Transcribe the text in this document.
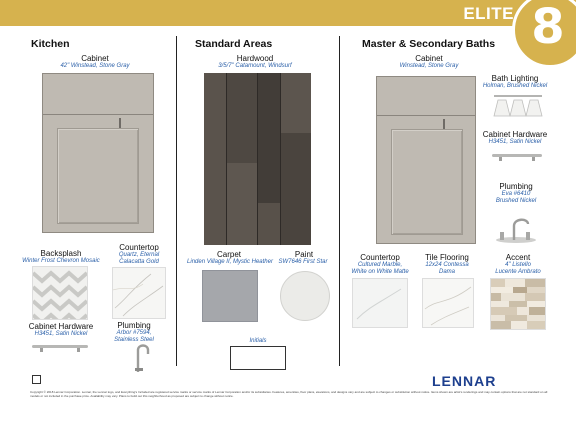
ELITE 8
Kitchen
Cabinet
42" Winstead, Stone Gray
Backsplash
Winter Frost Chevron Mosaic
Countertop
Quartz, Eternal
Calacatta Gold
Cabinet Hardware
H3451, Satin Nickel
Plumbing
Arbor #7594,
Stainless Steel
Standard Areas
Hardwood
3/5/7" Catamount, Windsurf
Carpet
Linden Village II, Mystic Heather
Paint
SW7646 First Star
Initials
Master & Secondary Baths
Cabinet
Winstead, Stone Gray
Bath Lighting
Holman, Brushed Nickel
Cabinet Hardware
H3451, Satin Nickel
Plumbing
Eva #6410
Brushed Nickel
Countertop
Cultured Marble,
White on White Matte
Tile Flooring
12x24 Contessa
Dama
Accent
4" Listello
Lucente Ambrato
LENNAR
Copyright © 2018 Lennar Corporation. Lennar, the Lennar logo, and Everything's Included are registered service marks or service marks of Lennar Corporation and/or its subsidiaries. Features, amenities, floor plans, elevations, and designs vary and are subject to changes or substitution without notice. Items shown are artist's renderings and may contain options that are not standard on all models or not included in the purchase price. Availability may vary. Plans to build out this neighborhood as proposed are subject to change without notice.
